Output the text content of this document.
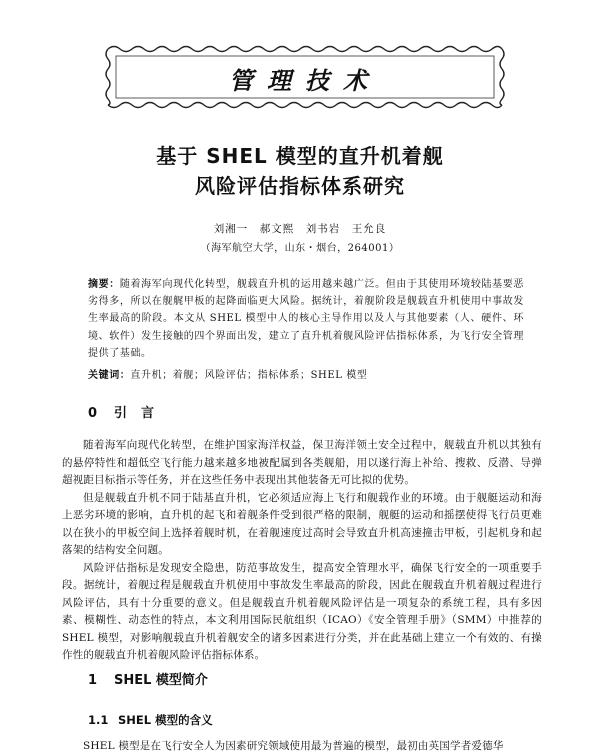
管理技术
基于 SHEL 模型的直升机着舰
风险评估指标体系研究
刘湘一　郝文熙　刘书岩　王允良
（海军航空大学，山东・烟台，264001）
摘要：随着海军向现代化转型，舰载直升机的运用越来越广泛。但由于其使用环境较陆基要恶劣得多，所以在舰艉甲板的起降面临更大风险。据统计，着舰阶段是舰载直升机使用中事故发生率最高的阶段。本文从 SHEL 模型中人的核心主导作用以及人与其他要素（人、硬件、环境、软件）发生接触的四个界面出发，建立了直升机着舰风险评估指标体系，为飞行安全管理提供了基础。
关键词：直升机；着舰；风险评估；指标体系；SHEL 模型
0 引言

随着海军向现代化转型，在维护国家海洋权益，保卫海洋领土安全过程中，舰载直升机以其独有的悬停特性和超低空飞行能力越来越多地被配属到各类舰船，用以遂行海上补给、搜救、反潜、导弹超视距目标指示等任务，并在这些任务中表现出其他装备无可比拟的优势。

但是舰载直升机不同于陆基直升机，它必须适应海上飞行和舰载作业的环境。由于舰艇运动和海上恶劣环境的影响，直升机的起飞和着舰条件受到很严格的限制，舰艇的运动和摇摆使得飞行员更难以在狭小的甲板空间上选择着舰时机，在着舰速度过高时会导致直升机高速撞击甲板，引起机身和起落架的结构安全问题。

风险评估指标是发现安全隐患，防范事故发生，提高安全管理水平，确保飞行安全的一项重要手段。据统计，着舰过程是舰载直升机使用中事故发生率最高的阶段，因此在舰载直升机着舰过程进行风险评估，具有十分重要的意义。但是舰载直升机着舰风险评估是一项复杂的系统工程，具有多因素、模糊性、动态性的特点，本文利用国际民航组织（ICAO）《安全管理手册》（SMM）中推荐的 SHEL 模型，对影响舰载直升机着舰安全的诸多因素进行分类，并在此基础上建立一个有效的、有操作性的舰载直升机着舰风险评估指标体系。

1 SHEL 模型简介
1.1 SHEL 模型的含义

SHEL 模型是在飞行安全人为因素研究领域使用最为普遍的模型，最初由英国学者爱德华
